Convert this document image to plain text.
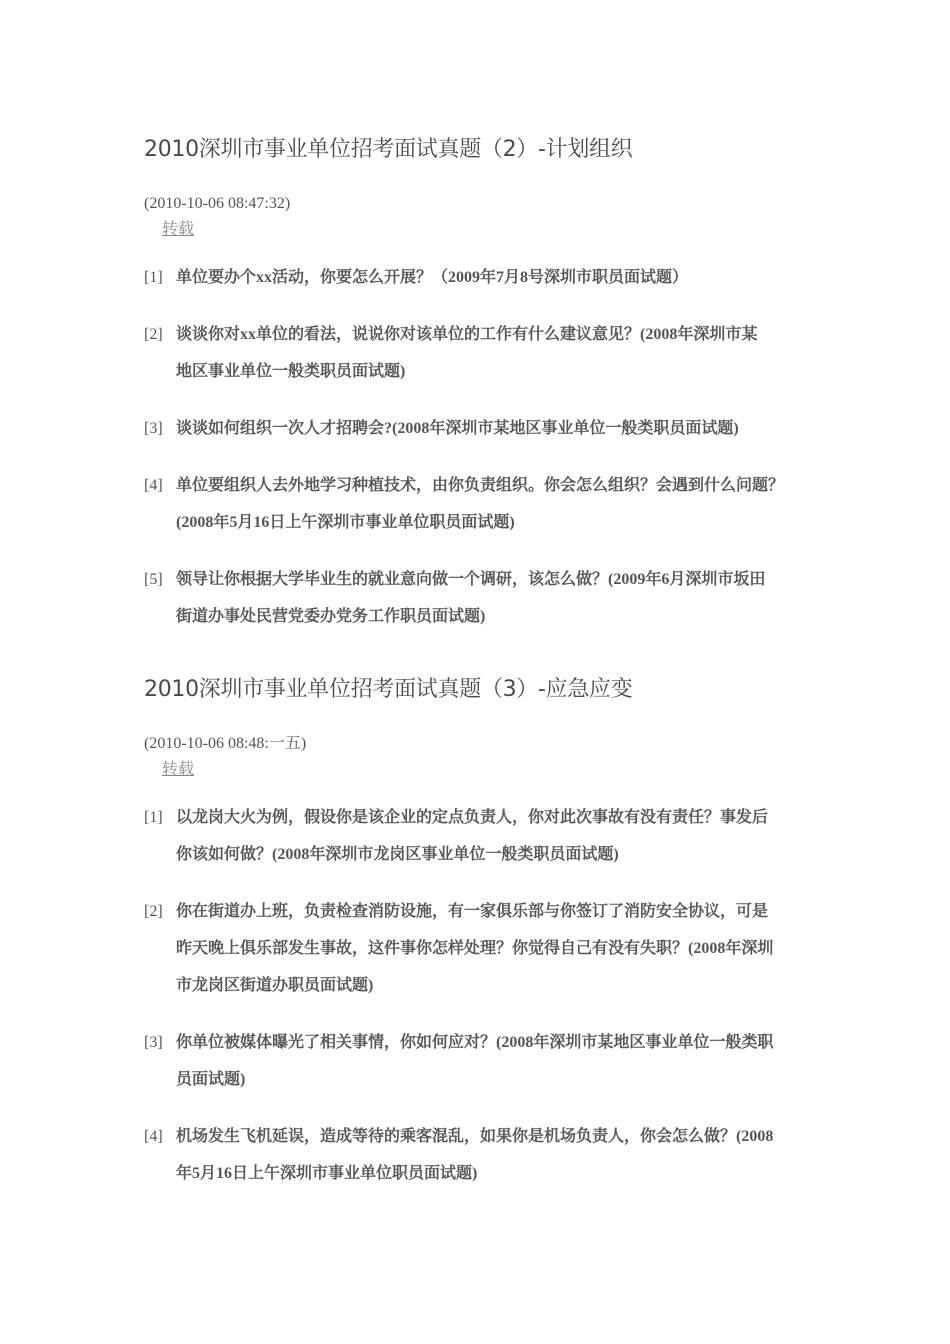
2010深圳市事业单位招考面试真题（2）-计划组织
(2010-10-06 08:47:32)
转载
[1] 单位要办个xx活动，你要怎么开展？（2009年7月8号深圳市职员面试题）
[2] 谈谈你对xx单位的看法，说说你对该单位的工作有什么建议意见？(2008年深圳市某
地区事业单位一般类职员面试题)
[3] 谈谈如何组织一次人才招聘会?(2008年深圳市某地区事业单位一般类职员面试题)
[4] 单位要组织人去外地学习种植技术，由你负责组织。你会怎么组织？会遇到什么问题？
(2008年5月16日上午深圳市事业单位职员面试题)
[5] 领导让你根据大学毕业生的就业意向做一个调研，该怎么做？(2009年6月深圳市坂田
街道办事处民营党委办党务工作职员面试题)
2010深圳市事业单位招考面试真题（3）-应急应变
(2010-10-06 08:48:一五)
转载
[1] 以龙岗大火为例，假设你是该企业的定点负责人，你对此次事故有没有责任？事发后
你该如何做？(2008年深圳市龙岗区事业单位一般类职员面试题)
[2] 你在街道办上班，负责检查消防设施，有一家俱乐部与你签订了消防安全协议，可是
昨天晚上俱乐部发生事故，这件事你怎样处理？你觉得自己有没有失职？(2008年深圳
市龙岗区街道办职员面试题)
[3] 你单位被媒体曝光了相关事情，你如何应对？(2008年深圳市某地区事业单位一般类职
员面试题)
[4] 机场发生飞机延误，造成等待的乘客混乱，如果你是机场负责人，你会怎么做？(2008
年5月16日上午深圳市事业单位职员面试题)
